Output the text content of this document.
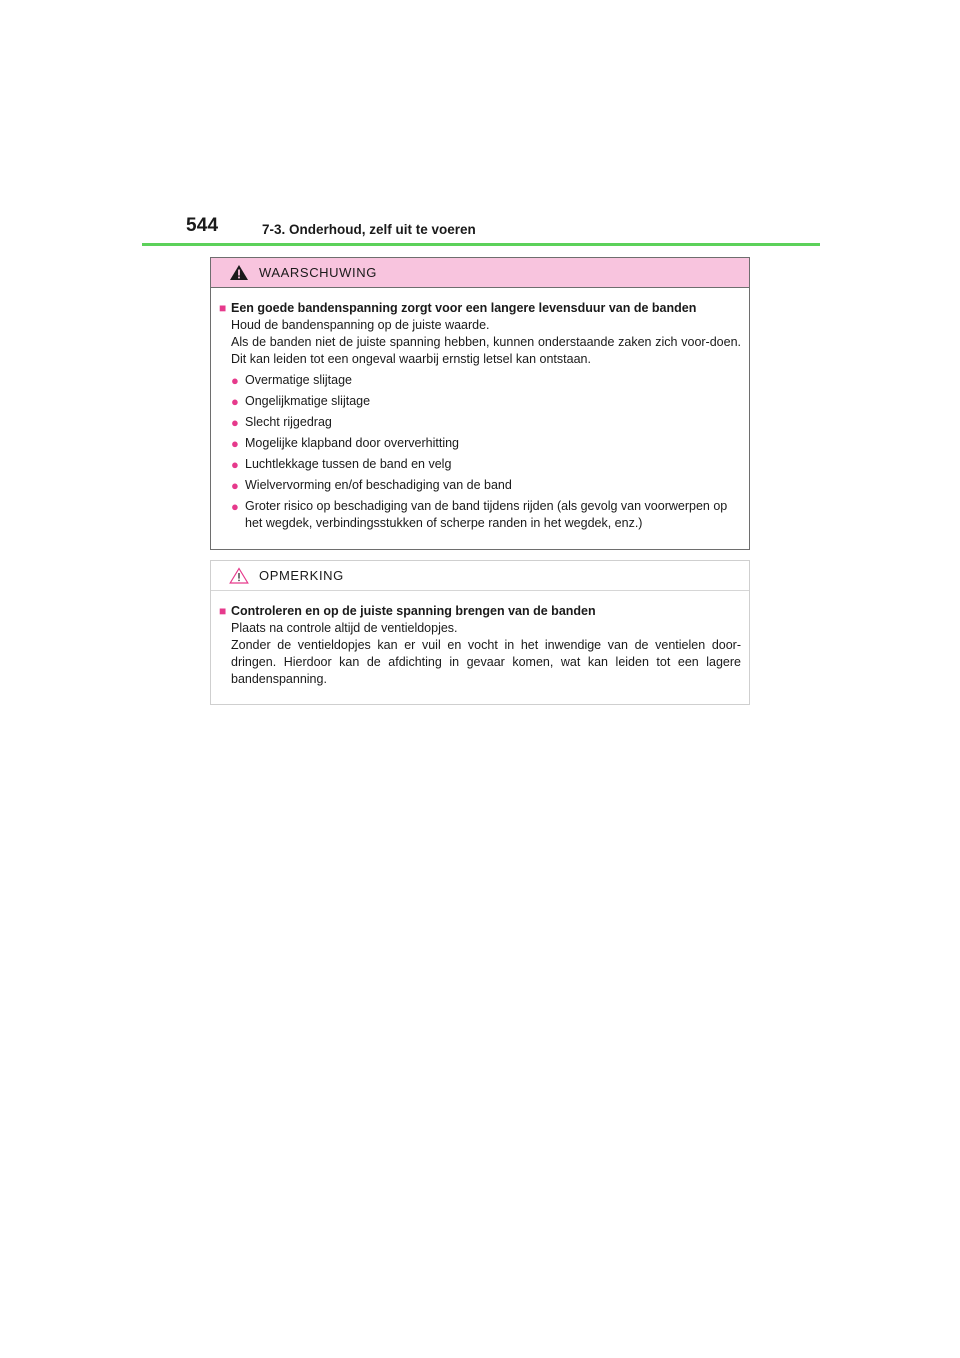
544	7-3. Onderhoud, zelf uit te voeren
WAARSCHUWING
■ Een goede bandenspanning zorgt voor een langere levensduur van de banden
Houd de bandenspanning op de juiste waarde.
Als de banden niet de juiste spanning hebben, kunnen onderstaande zaken zich voor-doen. Dit kan leiden tot een ongeval waarbij ernstig letsel kan ontstaan.
● Overmatige slijtage
● Ongelijkmatige slijtage
● Slecht rijgedrag
● Mogelijke klapband door oververhitting
● Luchtlekkage tussen de band en velg
● Wielvervorming en/of beschadiging van de band
● Groter risico op beschadiging van de band tijdens rijden (als gevolg van voorwerpen op het wegdek, verbindingsstukken of scherpe randen in het wegdek, enz.)
OPMERKING
■ Controleren en op de juiste spanning brengen van de banden
Plaats na controle altijd de ventieldopjes.
Zonder de ventieldopjes kan er vuil en vocht in het inwendige van de ventielen door-dringen. Hierdoor kan de afdichting in gevaar komen, wat kan leiden tot een lagere bandenspanning.
